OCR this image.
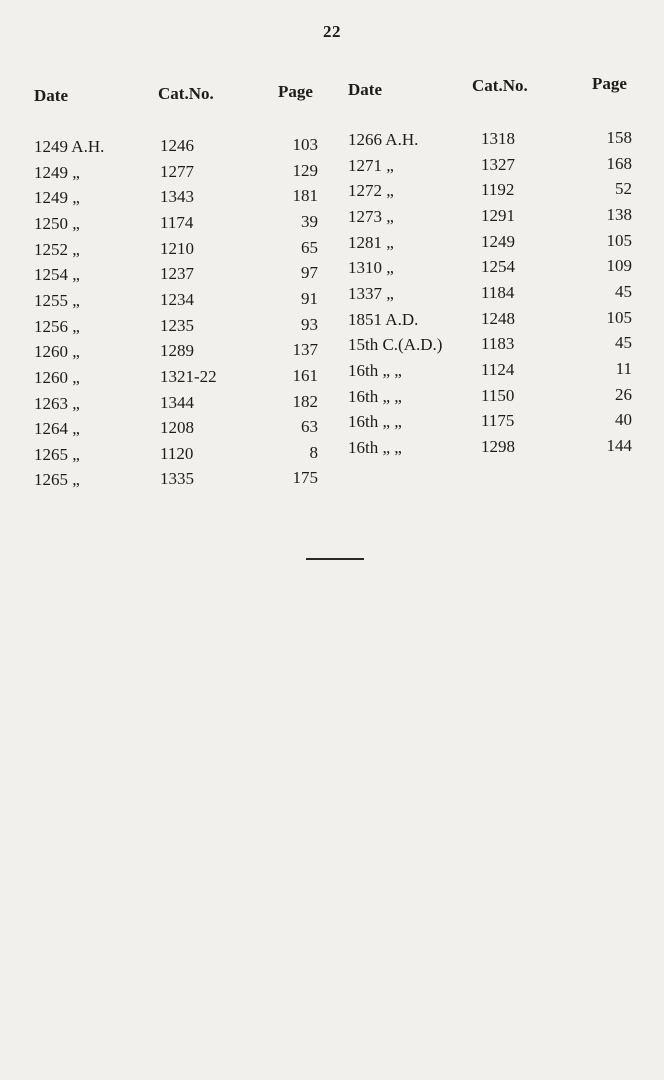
22
Date	Cat.No.	Page Date	Cat.No.	Page
1249 A.H.	1246	103
1249 „	1277	129
1249 „	1343	181
1250 „	1174	39
1252 „	1210	65
1254 „	1237	97
1255 „	1234	91
1256 „	1235	93
1260 „	1289	137
1260 „	1321-22	161
1263 „	1344	182
1264 „	1208	63
1265 „	1120	8
1265 „	1335	175
1266 A.H.	1318	158
1271 „	1327	168
1272 „	1192	52
1273 „	1291	138
1281 „	1249	105
1310 „	1254	109
1337 „	1184	45
1851 A.D.	1248	105
15th C.(A.D.) 1183	45
16th „ „	1124	11
16th „ „	1150	26
16th „ „	1175	40
16th „ „	1298	144
